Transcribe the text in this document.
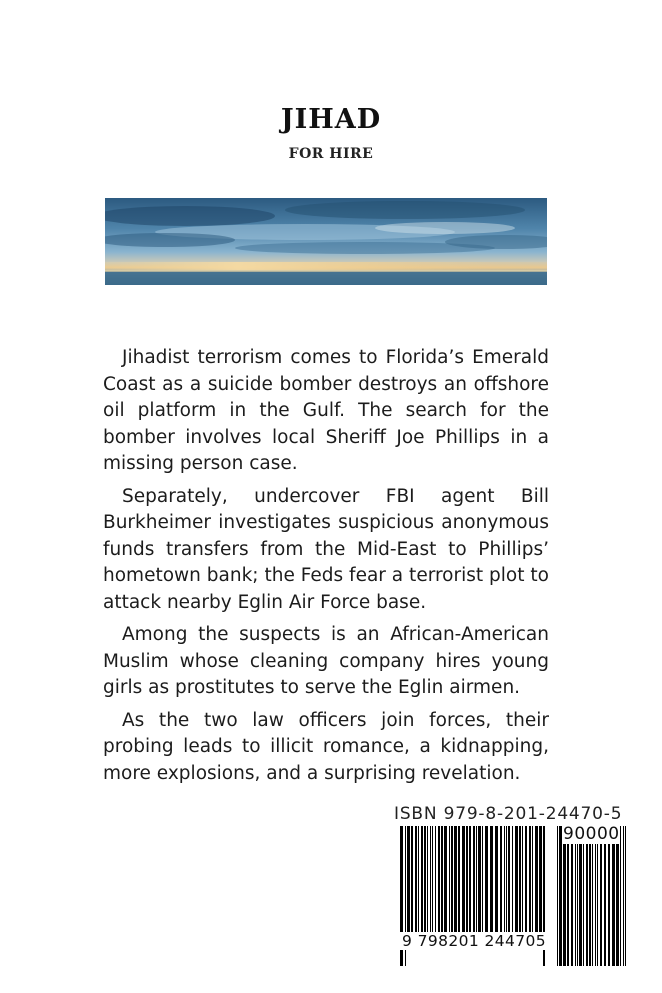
JIHAD
FOR HIRE

Jihadist terrorism comes to Florida’s Emerald Coast as a suicide bomber destroys an offshore oil platform in the Gulf. The search for the bomber involves local Sheriff Joe Phillips in a missing person case.

Separately, undercover FBI agent Bill Burkheimer investigates suspicious anonymous funds transfers from the Mid-East to Phillips’ hometown bank; the Feds fear a terrorist plot to attack nearby Eglin Air Force base.

Among the suspects is an African-American Muslim whose cleaning company hires young girls as prostitutes to serve the Eglin airmen.

As the two law officers join forces, their probing leads to illicit romance, a kidnapping, more explosions, and a surprising revelation.

ISBN 979-8-201-24470-5
9 798201 244705
90000
